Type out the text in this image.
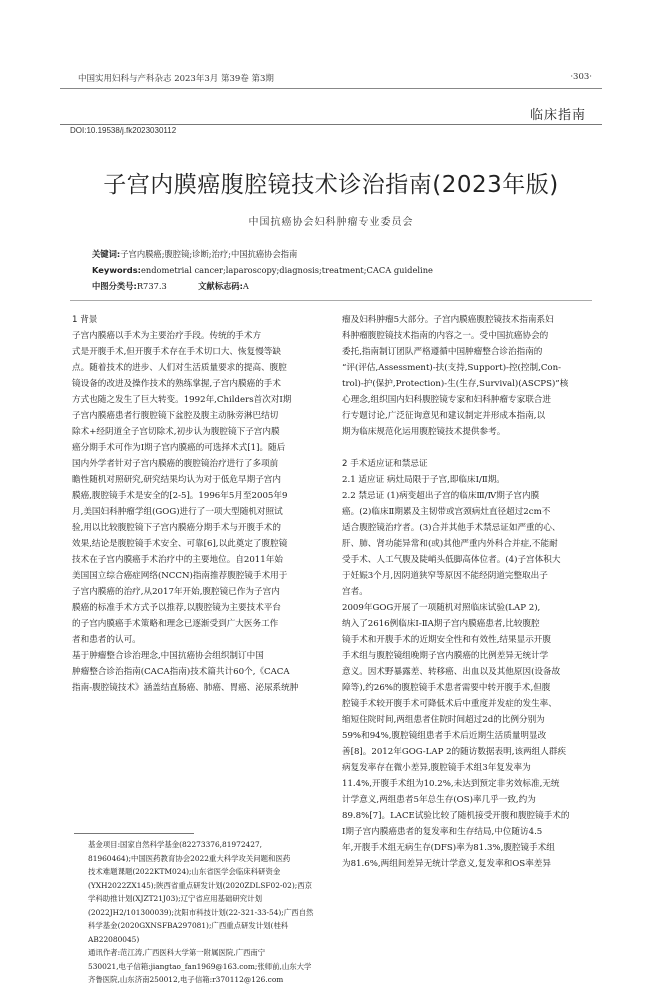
中国实用妇科与产科杂志 2023年3月 第39卷 第3期	·303·
临床指南
DOI:10.19538/j.fk2023030112
子宫内膜癌腹腔镜技术诊治指南(2023年版)
中国抗癌协会妇科肿瘤专业委员会
关键词:子宫内膜癌;腹腔镜;诊断;治疗;中国抗癌协会指南
Keywords:endometrial cancer;laparoscopy;diagnosis;treatment;CACA guideline
中图分类号:R737.3	文献标志码:A
1 背景
子宫内膜癌以手术为主要治疗手段。传统的手术方
式是开腹手术,但开腹手术存在手术切口大、恢复慢等缺
点。随着技术的进步、人们对生活质量要求的提高、腹腔
镜设备的改进及操作技术的熟练掌握,子宫内膜癌的手术
方式也随之发生了巨大转变。1992年,Childers首次对Ⅰ期
子宫内膜癌患者行腹腔镜下盆腔及腹主动脉旁淋巴结切
除术+经阴道全子宫切除术,初步认为腹腔镜下子宫内膜
癌分期手术可作为Ⅰ期子宫内膜癌的可选择术式[1]。随后
国内外学者针对子宫内膜癌的腹腔镜治疗进行了多项前
瞻性随机对照研究,研究结果均认为对于低危早期子宫内
膜癌,腹腔镜手术是安全的[2-5]。1996年5月至2005年9
月,美国妇科肿瘤学组(GOG)进行了一项大型随机对照试
验,用以比较腹腔镜下子宫内膜癌分期手术与开腹手术的
效果,结论是腹腔镜手术安全、可靠[6],以此奠定了腹腔镜
技术在子宫内膜癌手术治疗中的主要地位。自2011年始
美国国立综合癌症网络(NCCN)指南推荐腹腔镜手术用于
子宫内膜癌的治疗,从2017年开始,腹腔镜已作为子宫内
膜癌的标准手术方式予以推荐,以腹腔镜为主要技术平台
的子宫内膜癌手术策略和理念已逐渐受到广大医务工作
者和患者的认可。
基于肿瘤整合诊治理念,中国抗癌协会组织制订中国
肿瘤整合诊治指南(CACA指南)技术篇共计60个,《CACA
指南-腹腔镜技术》涵盖结直肠癌、肺癌、胃癌、泌尿系统肿
瘤及妇科肿瘤5大部分。子宫内膜癌腹腔镜技术指南系妇
科肿瘤腹腔镜技术指南的内容之一。受中国抗癌协会的
委托,指南制订团队严格遵循中国肿瘤整合诊治指南的
“评(评估,Assessment)-扶(支持,Support)-控(控制,Con-
trol)-护(保护,Protection)-生(生存,Survival)(ASCPS)”核
心理念,组织国内妇科腹腔镜专家和妇科肿瘤专家联合进
行专题讨论,广泛征询意见和建议制定并形成本指南,以
期为临床规范化运用腹腔镜技术提供参考。
2 手术适应证和禁忌证
2.1 适应证 病灶局限于子宫,即临床Ⅰ/Ⅱ期。
2.2 禁忌证 (1)病变超出子宫的临床Ⅲ/Ⅳ期子宫内膜
癌。(2)临床Ⅱ期累及主韧带或宫颈病灶直径超过2cm不
适合腹腔镜治疗者。(3)合并其他手术禁忌证如严重的心、
肝、肺、肾功能异常和(或)其他严重内外科合并症,不能耐
受手术、人工气腹及陡峭头低脚高体位者。(4)子宫体积大
于妊娠3个月,因阴道狭窄等原因不能经阴道完整取出子
宫者。
2009年GOG开展了一项随机对照临床试验(LAP 2),
纳入了2616例临床Ⅰ-ⅡA期子宫内膜癌患者,比较腹腔
镜手术和开腹手术的近期安全性和有效性,结果显示开腹
手术组与腹腔镜组晚期子宫内膜癌的比例差异无统计学
意义。因术野暴露差、转移癌、出血以及其他原因(设备故
障等),约26%的腹腔镜手术患者需要中转开腹手术,但腹
腔镜手术较开腹手术可降低术后中重度并发症的发生率、
缩短住院时间,两组患者住院时间超过2d的比例分别为
59%和94%,腹腔镜组患者手术后近期生活质量明显改
善[8]。2012年GOG-LAP 2的随访数据表明,该两组人群疾
病复发率存在微小差异,腹腔镜手术组3年复发率为
11.4%,开腹手术组为10.2%,未达到预定非劣效标准,无统
计学意义,两组患者5年总生存(OS)率几乎一致,约为
89.8%[7]。LACE试验比较了随机接受开腹和腹腔镜手术的
Ⅰ期子宫内膜癌患者的复发率和生存结局,中位随访4.5
年,开腹手术组无病生存(DFS)率为81.3%,腹腔镜手术组
为81.6%,两组间差异无统计学意义,复发率和OS率差异
基金项目:国家自然科学基金(82273376,81972427,
81960464);中国医药教育协会2022重大科学攻关问题和医药
技术难题课题(2022KTM024);山东省医学会临床科研资金
(YXH2022ZX145);陕西省重点研发计划(2020ZDLSF02-02);西京
学科助推计划(XJZT21J03);辽宁省应用基础研究计划
(2022JH2/101300039);沈阳市科技计划(22-321-33-54);广西自然
科学基金(2020GXNSFBA297081);广西重点研发计划(桂科
AB22080045)
通讯作者:范江涛,广西医科大学第一附属医院,广西南宁
530021,电子信箱:jiangtao_fan1969@163.com;张师前,山东大学
齐鲁医院,山东济南250012,电子信箱:r370112@126.com
